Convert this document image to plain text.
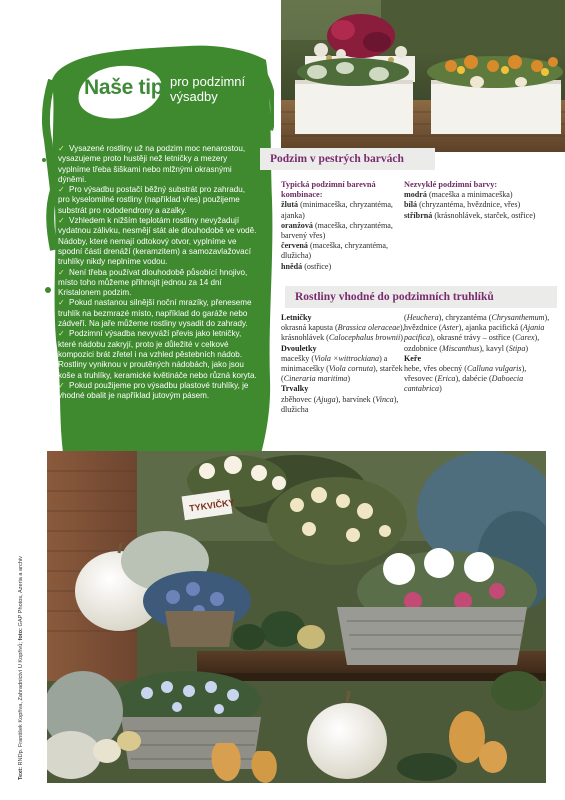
Naše tipy
pro podzimní výsadby
✓ Vysazené rostliny už na podzim moc nenarostou, vysazujeme proto hustěji než letničky a mezery vyplníme třeba šiškami nebo mlžnými okrasnými dýněmi.
✓ Pro výsadbu postačí běžný substrát pro zahradu, pro kyselomilné rostliny (například vřes) použijeme substrát pro rododendrony a azalky.
✓ Vzhledem k nižším teplotám rostliny nevyžadují vydatnou zálivku, nesmějí stát ale dlouhodobě ve vodě. Nádoby, které nemají odtokový otvor, vyplníme ve spodní části drenáží (keramzitem) a samozavlažovací truhlíky nikdy neplníme vodou.
✓ Není třeba používat dlouhodobě působící hnojivo, místo toho můžeme přihnojit jednou za 14 dní Kristalonem podzim.
✓ Pokud nastanou silnější noční mrazíky, přeneseme truhlík na bezmrazé místo, například do garáže nebo zádveří. Na jaře můžeme rostliny vysadit do zahrady.
✓ Podzimní výsadba nevyváží převis jako letničky, které nádobu zakryjí, proto je důležité v celkové kompozici brát zřetel i na vzhled pěstebních nádob. Rostliny vyniknou v proutěných nádobách, jako jsou koše a truhlíky, keramické květináče nebo různá koryta.
✓ Pokud použijeme pro výsadbu plastové truhlíky, je vhodné obalit je například jutovým pásem.
Podzim v pestrých barvách
Typická podzimní barevná kombinace:
žlutá (minimaceška, chryzantéma, ajanka)
oranžová (maceška, chryzantéma, barvený vřes)
červená (maceška, chryzantéma, dlužicha)
hnědá (ostřice)
Nezvyklé podzimní barvy:
modrá (maceška a minimaceška)
bílá (chryzantéma, hvězdnice, vřes)
stříbrná (krásnohlávek, starček, ostřice)
Rostliny vhodné do podzimních truhlíků
Letničky
okrasná kapusta (Brassica oleraceae), krásnohlávek (Calocephalus brownii)
Dvouletky
macešky (Viola ×wittrockiana) a minimacešky (Viola cornuta), starček (Cineraria maritima)
Trvalky
zběhovec (Ajuga), barvínek (Vinca), dlužicha
(Heuchera), chryzantéma (Chrysanthemum), hvězdnice (Aster), ajanka pacifická (Ajania pacifica), okrasné trávy – ostřice (Carex), ozdobnice (Miscanthus), kavyl (Stipa)
Keře
hebe, vřes obecný (Calluna vulgaris), vřesovec (Erica), dabécie (Daboecia cantabrica)
TYKVIČKY
Text: RNDр. František Kopřiva, Zahradnictví U Kopřivů; foto: GAP Photos, Azeria a archiv
